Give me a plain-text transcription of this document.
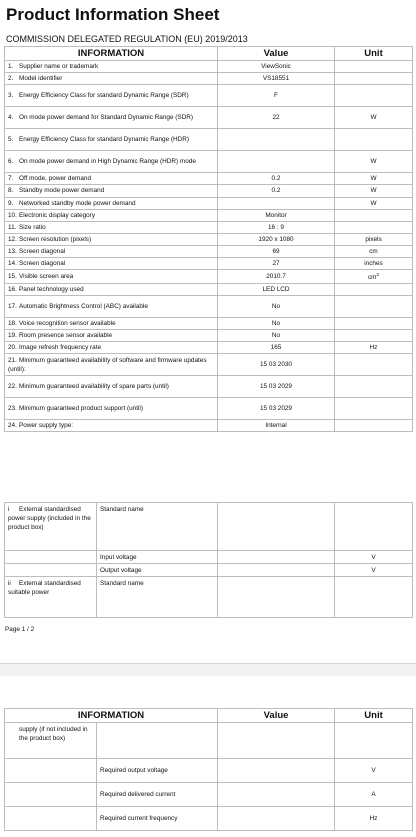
Product Information Sheet
COMMISSION DELEGATED REGULATION (EU) 2019/2013
INFORMATION	Value	Unit
1. Supplier name or trademark	ViewSonic	
2. Model identifier	VS18551	
3. Energy Efficiency Class for standard Dynamic Range (SDR)	F	
4. On mode power demand for Standard Dynamic Range (SDR)	22	W
5. Energy Efficiency Class for standard Dynamic Range (HDR)		
6. On mode power demand in High Dynamic Range (HDR) mode		W
7. Off mode, power demand	0.2	W
8. Standby mode power demand	0.2	W
9. Networked standby mode power demand		W
10. Electronic display category	Monitor	
11. Size ratio	16 : 9	
12. Screen resolution (pixels)	1920 x 1080	pixels
13. Screen diagonal	69	cm
14. Screen diagonal	27	inches
15. Visible screen area	2010.7	$cm^2$
16. Panel technology used	LED LCD	
17. Automatic Brightness Control (ABC) available	No	
18. Voice recognition sensor available	No	
19. Room presence sensor available	No	
20. Image refresh frequency rate	165	Hz
21. Minimum guaranteed availability of software and firmware updates (until):	15 03 2030	
22. Minimum guaranteed availability of spare parts (until)	15 03 2029	
23. Minimum guaranteed product support (until)	15 03 2029	
24. Power supply type:	Internal	
i External standardised power supply (included in the product box)	Standard name		
	Input voltage		V
	Output voltage		V
ii External standardised suitable power	Standard name		
Page 1 / 2
INFORMATION		Value	Unit
supply (if not included in the product box)			
	Required output voltage		V
	Required delivered current		A
	Required current frequency		Hz
